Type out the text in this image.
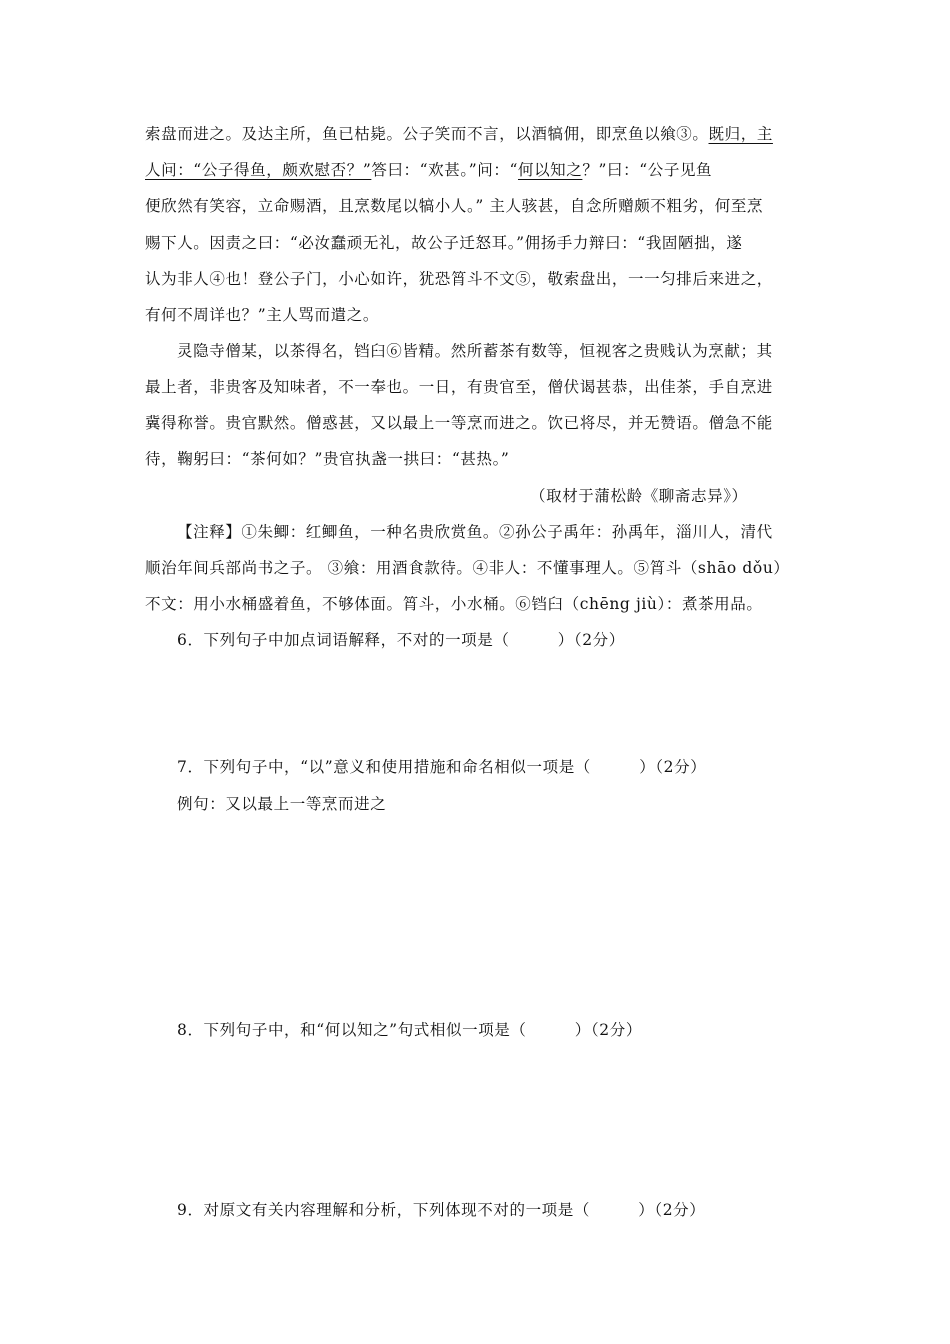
索盘而进之。及达主所，鱼已枯毙。公子笑而不言，以酒犒佣，即烹鱼以飨③。既归，主
人问：“公子得鱼，颇欢慰否？”答曰：“欢甚。”问：“何以知之？”曰：“公子见鱼
便欣然有笑容，立命赐酒，且烹数尾以犒小人。” 主人骇甚，自念所赠颇不粗劣，何至烹
赐下人。因责之曰：“必汝蠢顽无礼，故公子迁怒耳。”佣扬手力辩曰：“我固陋拙，遂
认为非人④也！登公子门，小心如许，犹恐筲斗不文⑤，敬索盘出，一一匀排后来进之，
有何不周详也？”主人骂而遣之。
灵隐寺僧某，以茶得名，铛臼⑥皆精。然所蓄茶有数等，恒视客之贵贱认为烹献；其
最上者，非贵客及知味者，不一奉也。一日，有贵官至，僧伏谒甚恭，出佳茶，手自烹进
冀得称誉。贵官默然。僧惑甚，又以最上一等烹而进之。饮已将尽，并无赞语。僧急不能
待，鞠躬曰：“茶何如？”贵官执盏一拱曰：“甚热。”
（取材于蒲松龄《聊斋志异》）
【注释】①朱鲫：红鲫鱼，一种名贵欣赏鱼。②孙公子禹年：孙禹年，淄川人，清代
顺治年间兵部尚书之子。 ③飨：用酒食款待。④非人：不懂事理人。⑤筲斗（shāo dǒu）
不文：用小水桶盛着鱼，不够体面。筲斗，小水桶。⑥铛臼（chēng jiù）：煮茶用品。
6．下列句子中加点词语解释，不对的一项是（　　　）（2分）
7．下列句子中，“以”意义和使用措施和命名相似一项是（　　　）（2分）
例句：又以最上一等烹而进之
8．下列句子中，和“何以知之”句式相似一项是（　　　）（2分）
9．对原文有关内容理解和分析，下列体现不对的一项是（　　　）（2分）
